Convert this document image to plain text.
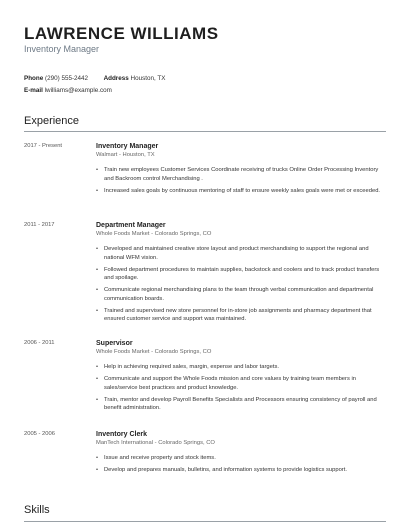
LAWRENCE WILLIAMS
Inventory Manager
Phone (290) 555-2442 Address Houston, TX
E-mail lwilliams@example.com
Experience
2017 - Present	Inventory Manager
Walmart - Houston, TX
• Train new employees Customer Services Coordinate receiving of trucks Online Order Processing Inventory and Backroom control Merchandising .
• Increased sales goals by continuous mentoring of staff to ensure weekly sales goals were met or exceeded.
2011 - 2017	Department Manager
Whole Foods Market - Colorado Springs, CO
• Developed and maintained creative store layout and product merchandising to support the regional and national WFM vision.
• Followed department procedures to maintain supplies, backstock and coolers and to track product transfers and spoilage.
• Communicate regional merchandising plans to the team through verbal communication and departmental communication boards.
• Trained and supervised new store personnel for in-store job assignments and pharmacy department that ensured customer service and support was maintained.
2006 - 2011	Supervisor
Whole Foods Market - Colorado Springs, CO
• Help in achieving required sales, margin, expense and labor targets.
• Communicate and support the Whole Foods mission and core values by training team members in sales/service best practices and product knowledge.
• Train, mentor and develop Payroll Benefits Specialists and Processors ensuring consistency of payroll and benefit administration.
2005 - 2006	Inventory Clerk
ManTech International - Colorado Springs, CO
• Issue and receive property and stock items.
• Develop and prepares manuals, bulletins, and information systems to provide logistics support.
Skills
